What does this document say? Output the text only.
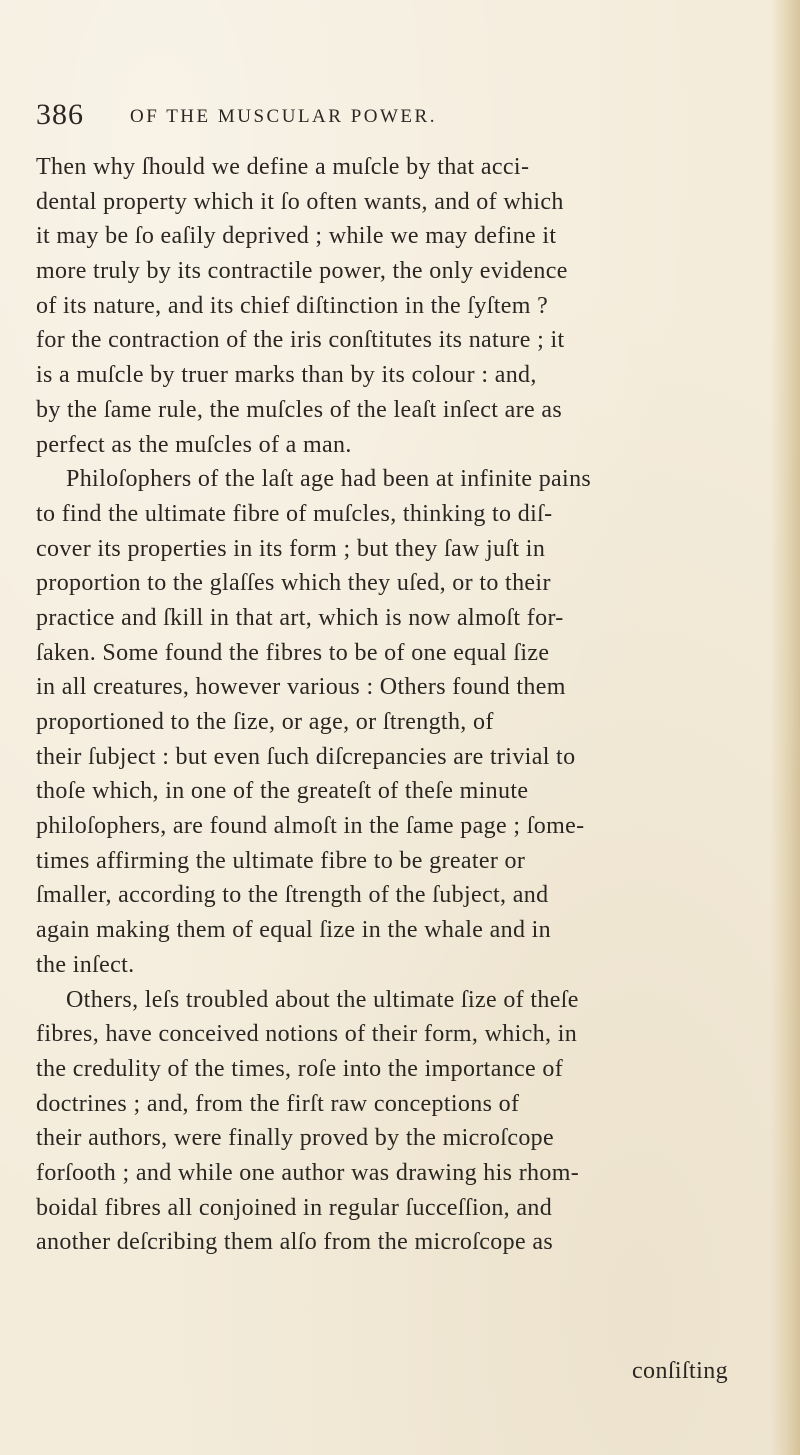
386 OF THE MUSCULAR POWER.
Then why ſhould we define a muſcle by that acci-
dental property which it ſo often wants, and of which
it may be ſo eaſily deprived ; while we may define it
more truly by its contractile power, the only evidence
of its nature, and its chief diſtinction in the ſyſtem ?
for the contraction of the iris conſtitutes its nature ; it
is a muſcle by truer marks than by its colour : and,
by the ſame rule, the muſcles of the leaſt inſect are as
perfect as the muſcles of a man.
Philoſophers of the laſt age had been at infinite pains
to find the ultimate fibre of muſcles, thinking to diſ-
cover its properties in its form ; but they ſaw juſt in
proportion to the glaſſes which they uſed, or to their
practice and ſkill in that art, which is now almoſt for-
ſaken. Some found the fibres to be of one equal ſize
in all creatures, however various : Others found them
proportioned to the ſize, or age, or ſtrength, of
their ſubject : but even ſuch diſcrepancies are trivial to
thoſe which, in one of the greateſt of theſe minute
philoſophers, are found almoſt in the ſame page ; ſome-
times affirming the ultimate fibre to be greater or
ſmaller, according to the ſtrength of the ſubject, and
again making them of equal ſize in the whale and in
the inſect.
Others, leſs troubled about the ultimate ſize of theſe
fibres, have conceived notions of their form, which, in
the credulity of the times, roſe into the importance of
doctrines ; and, from the firſt raw conceptions of
their authors, were finally proved by the microſcope
forſooth ; and while one author was drawing his rhom-
boidal fibres all conjoined in regular ſucceſſion, and
another deſcribing them alſo from the microſcope as
conſiſting
